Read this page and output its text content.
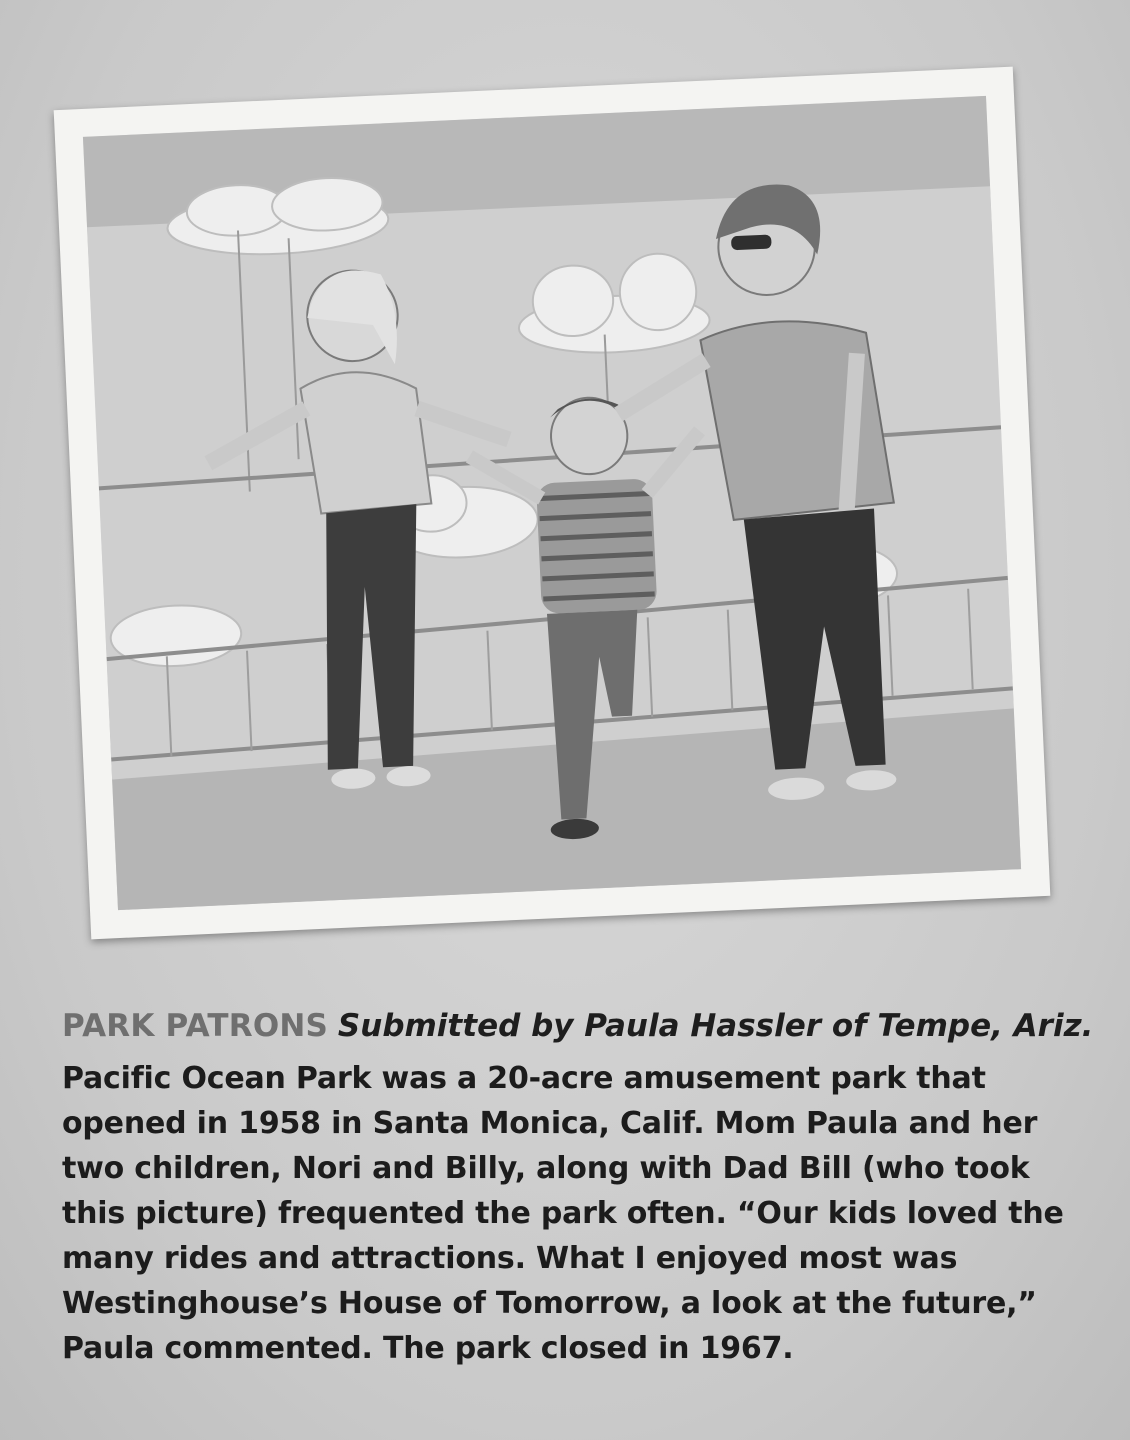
PARK PATRONS Submitted by Paula Hassler of Tempe, Ariz.
Pacific Ocean Park was a 20-acre amusement park that opened in 1958 in Santa Monica, Calif. Mom Paula and her two children, Nori and Billy, along with Dad Bill (who took this picture) frequented the park often. “Our kids loved the many rides and attractions. What I enjoyed most was Westinghouse’s House of Tomorrow, a look at the future,” Paula commented. The park closed in 1967.
